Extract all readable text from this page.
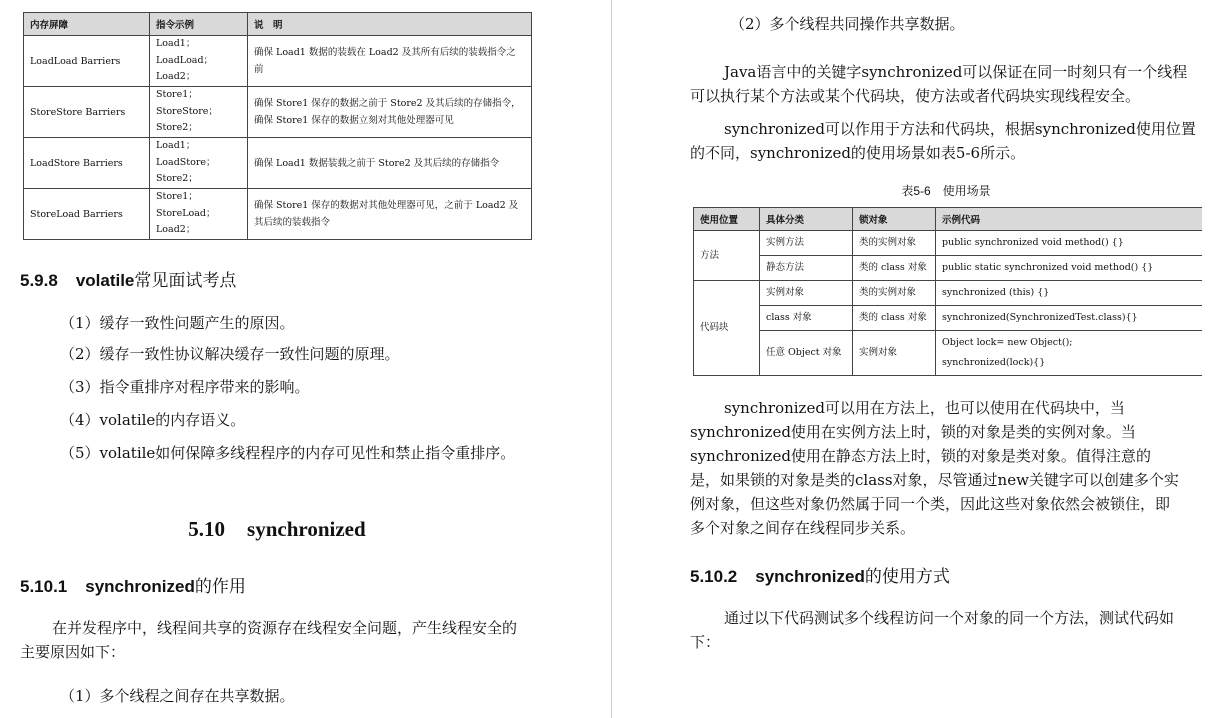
内存屏障	指令示例	说　明
LoadLoad Barriers	Load1；
LoadLoad；
Load2；	确保 Load1 数据的装载在 Load2 及其所有后续的装载指令之前
StoreStore Barriers	Store1；
StoreStore；
Store2；	确保 Store1 保存的数据之前于 Store2 及其后续的存储指令，确保 Store1 保存的数据立刻对其他处理器可见
LoadStore Barriers	Load1；
LoadStore；
Store2；	确保 Load1 数据装载之前于 Store2 及其后续的存储指令
StoreLoad Barriers	Store1；
StoreLoad；
Load2；	确保 Store1 保存的数据对其他处理器可见，之前于 Load2 及其后续的装载指令
5.9.8 volatile常见面试考点
（1）缓存一致性问题产生的原因。
（2）缓存一致性协议解决缓存一致性问题的原理。
（3）指令重排序对程序带来的影响。
（4）volatile的内存语义。
（5）volatile如何保障多线程程序的内存可见性和禁止指令重排序。
5.10 synchronized
5.10.1 synchronized的作用
在并发程序中，线程间共享的资源存在线程安全问题，产生线程安全的主要原因如下：
（1）多个线程之间存在共享数据。
（2）多个线程共同操作共享数据。
Java语言中的关键字synchronized可以保证在同一时刻只有一个线程可以执行某个方法或某个代码块，使方法或者代码块实现线程安全。
synchronized可以作用于方法和代码块，根据synchronized使用位置的不同，synchronized的使用场景如表5-6所示。
表5-6　使用场景
使用位置	具体分类	锁对象	示例代码
方法	实例方法	类的实例对象	public synchronized void method() {}
	静态方法	类的 class 对象	public static synchronized void method() {}
代码块	实例对象	类的实例对象	synchronized (this) {}
	class 对象	类的 class 对象	synchronized(SynchronizedTest.class){}
	任意 Object 对象	实例对象	Object lock= new Object();
synchronized(lock){}
synchronized可以用在方法上，也可以使用在代码块中，当synchronized使用在实例方法上时，锁的对象是类的实例对象。当synchronized使用在静态方法上时，锁的对象是类对象。值得注意的是，如果锁的对象是类的class对象，尽管通过new关键字可以创建多个实例对象，但这些对象仍然属于同一个类，因此这些对象依然会被锁住，即多个对象之间存在线程同步关系。
5.10.2 synchronized的使用方式
通过以下代码测试多个线程访问一个对象的同一个方法，测试代码如下：
